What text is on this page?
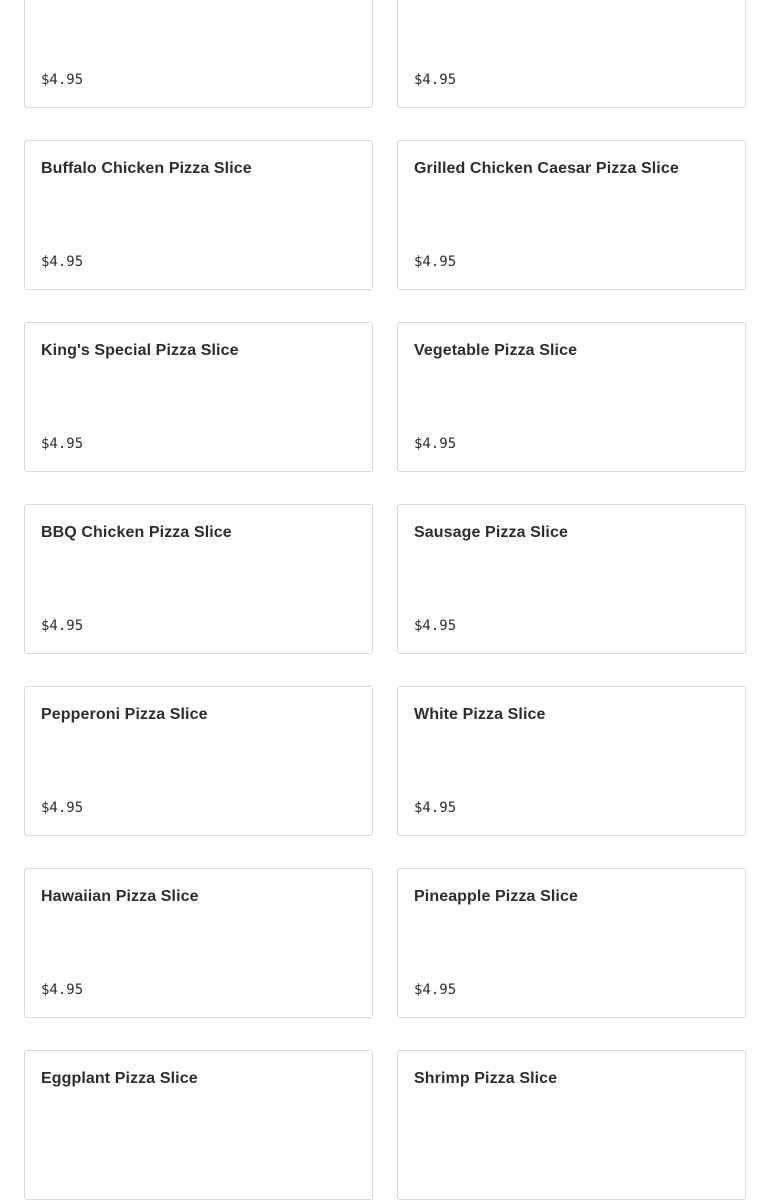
$4.95	$4.95
Buffalo Chicken Pizza Slice
$4.95
Grilled Chicken Caesar Pizza Slice
$4.95
King's Special Pizza Slice
$4.95
Vegetable Pizza Slice
$4.95
BBQ Chicken Pizza Slice
$4.95
Sausage Pizza Slice
$4.95
Pepperoni Pizza Slice
$4.95
White Pizza Slice
$4.95
Hawaiian Pizza Slice
$4.95
Pineapple Pizza Slice
$4.95
Eggplant Pizza Slice	Shrimp Pizza Slice
